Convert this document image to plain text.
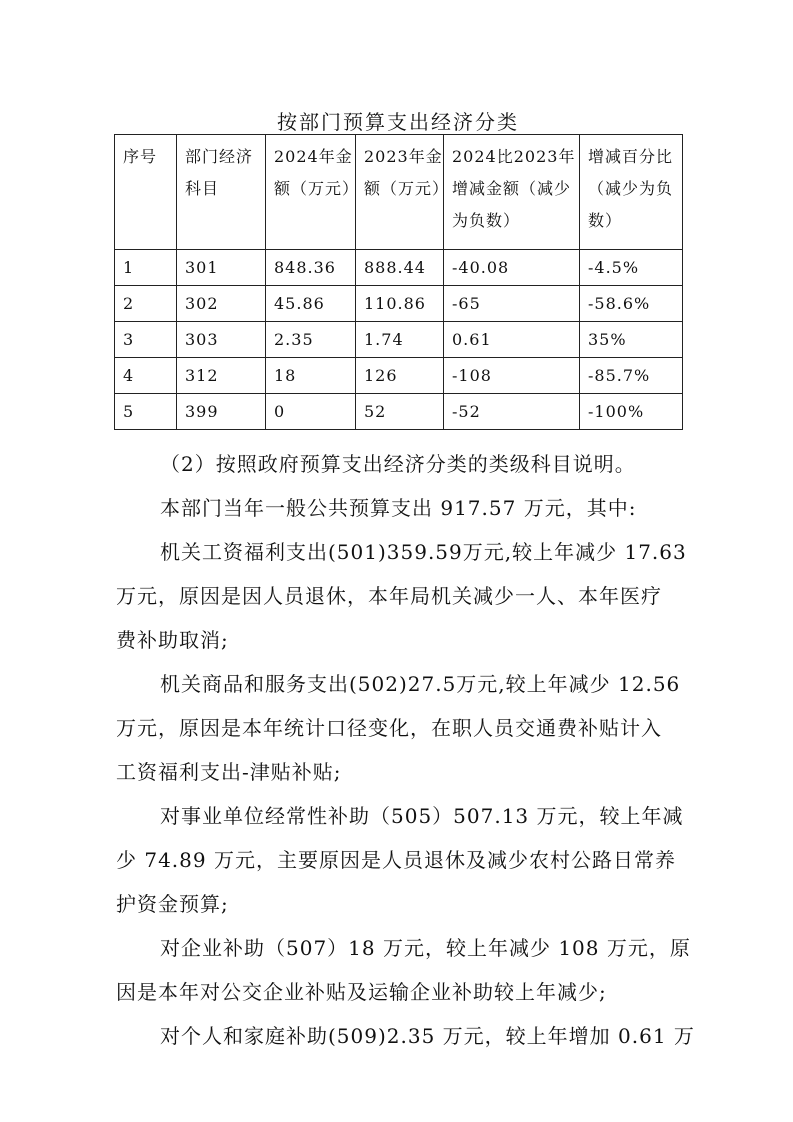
按部门预算支出经济分类
序号	部门经济科目	2024年金额（万元）	2023年金额（万元）	2024比2023年增减金额（减少为负数）	增减百分比（减少为负数）
1	301	848.36	888.44	-40.08	-4.5%
2	302	45.86	110.86	-65	-58.6%
3	303	2.35	1.74	0.61	35%
4	312	18	126	-108	-85.7%
5	399	0	52	-52	-100%
（2）按照政府预算支出经济分类的类级科目说明。
本部门当年一般公共预算支出 917.57 万元，其中:
机关工资福利支出(501)359.59万元,较上年减少 17.63
万元，原因是因人员退休，本年局机关减少一人、本年医疗
费补助取消;
机关商品和服务支出(502)27.5万元,较上年减少 12.56
万元，原因是本年统计口径变化，在职人员交通费补贴计入
工资福利支出-津贴补贴;
对事业单位经常性补助（505）507.13 万元，较上年减
少 74.89 万元，主要原因是人员退休及减少农村公路日常养
护资金预算;
对企业补助（507）18 万元，较上年减少 108 万元，原
因是本年对公交企业补贴及运输企业补助较上年减少;
对个人和家庭补助(509)2.35 万元，较上年增加 0.61 万
